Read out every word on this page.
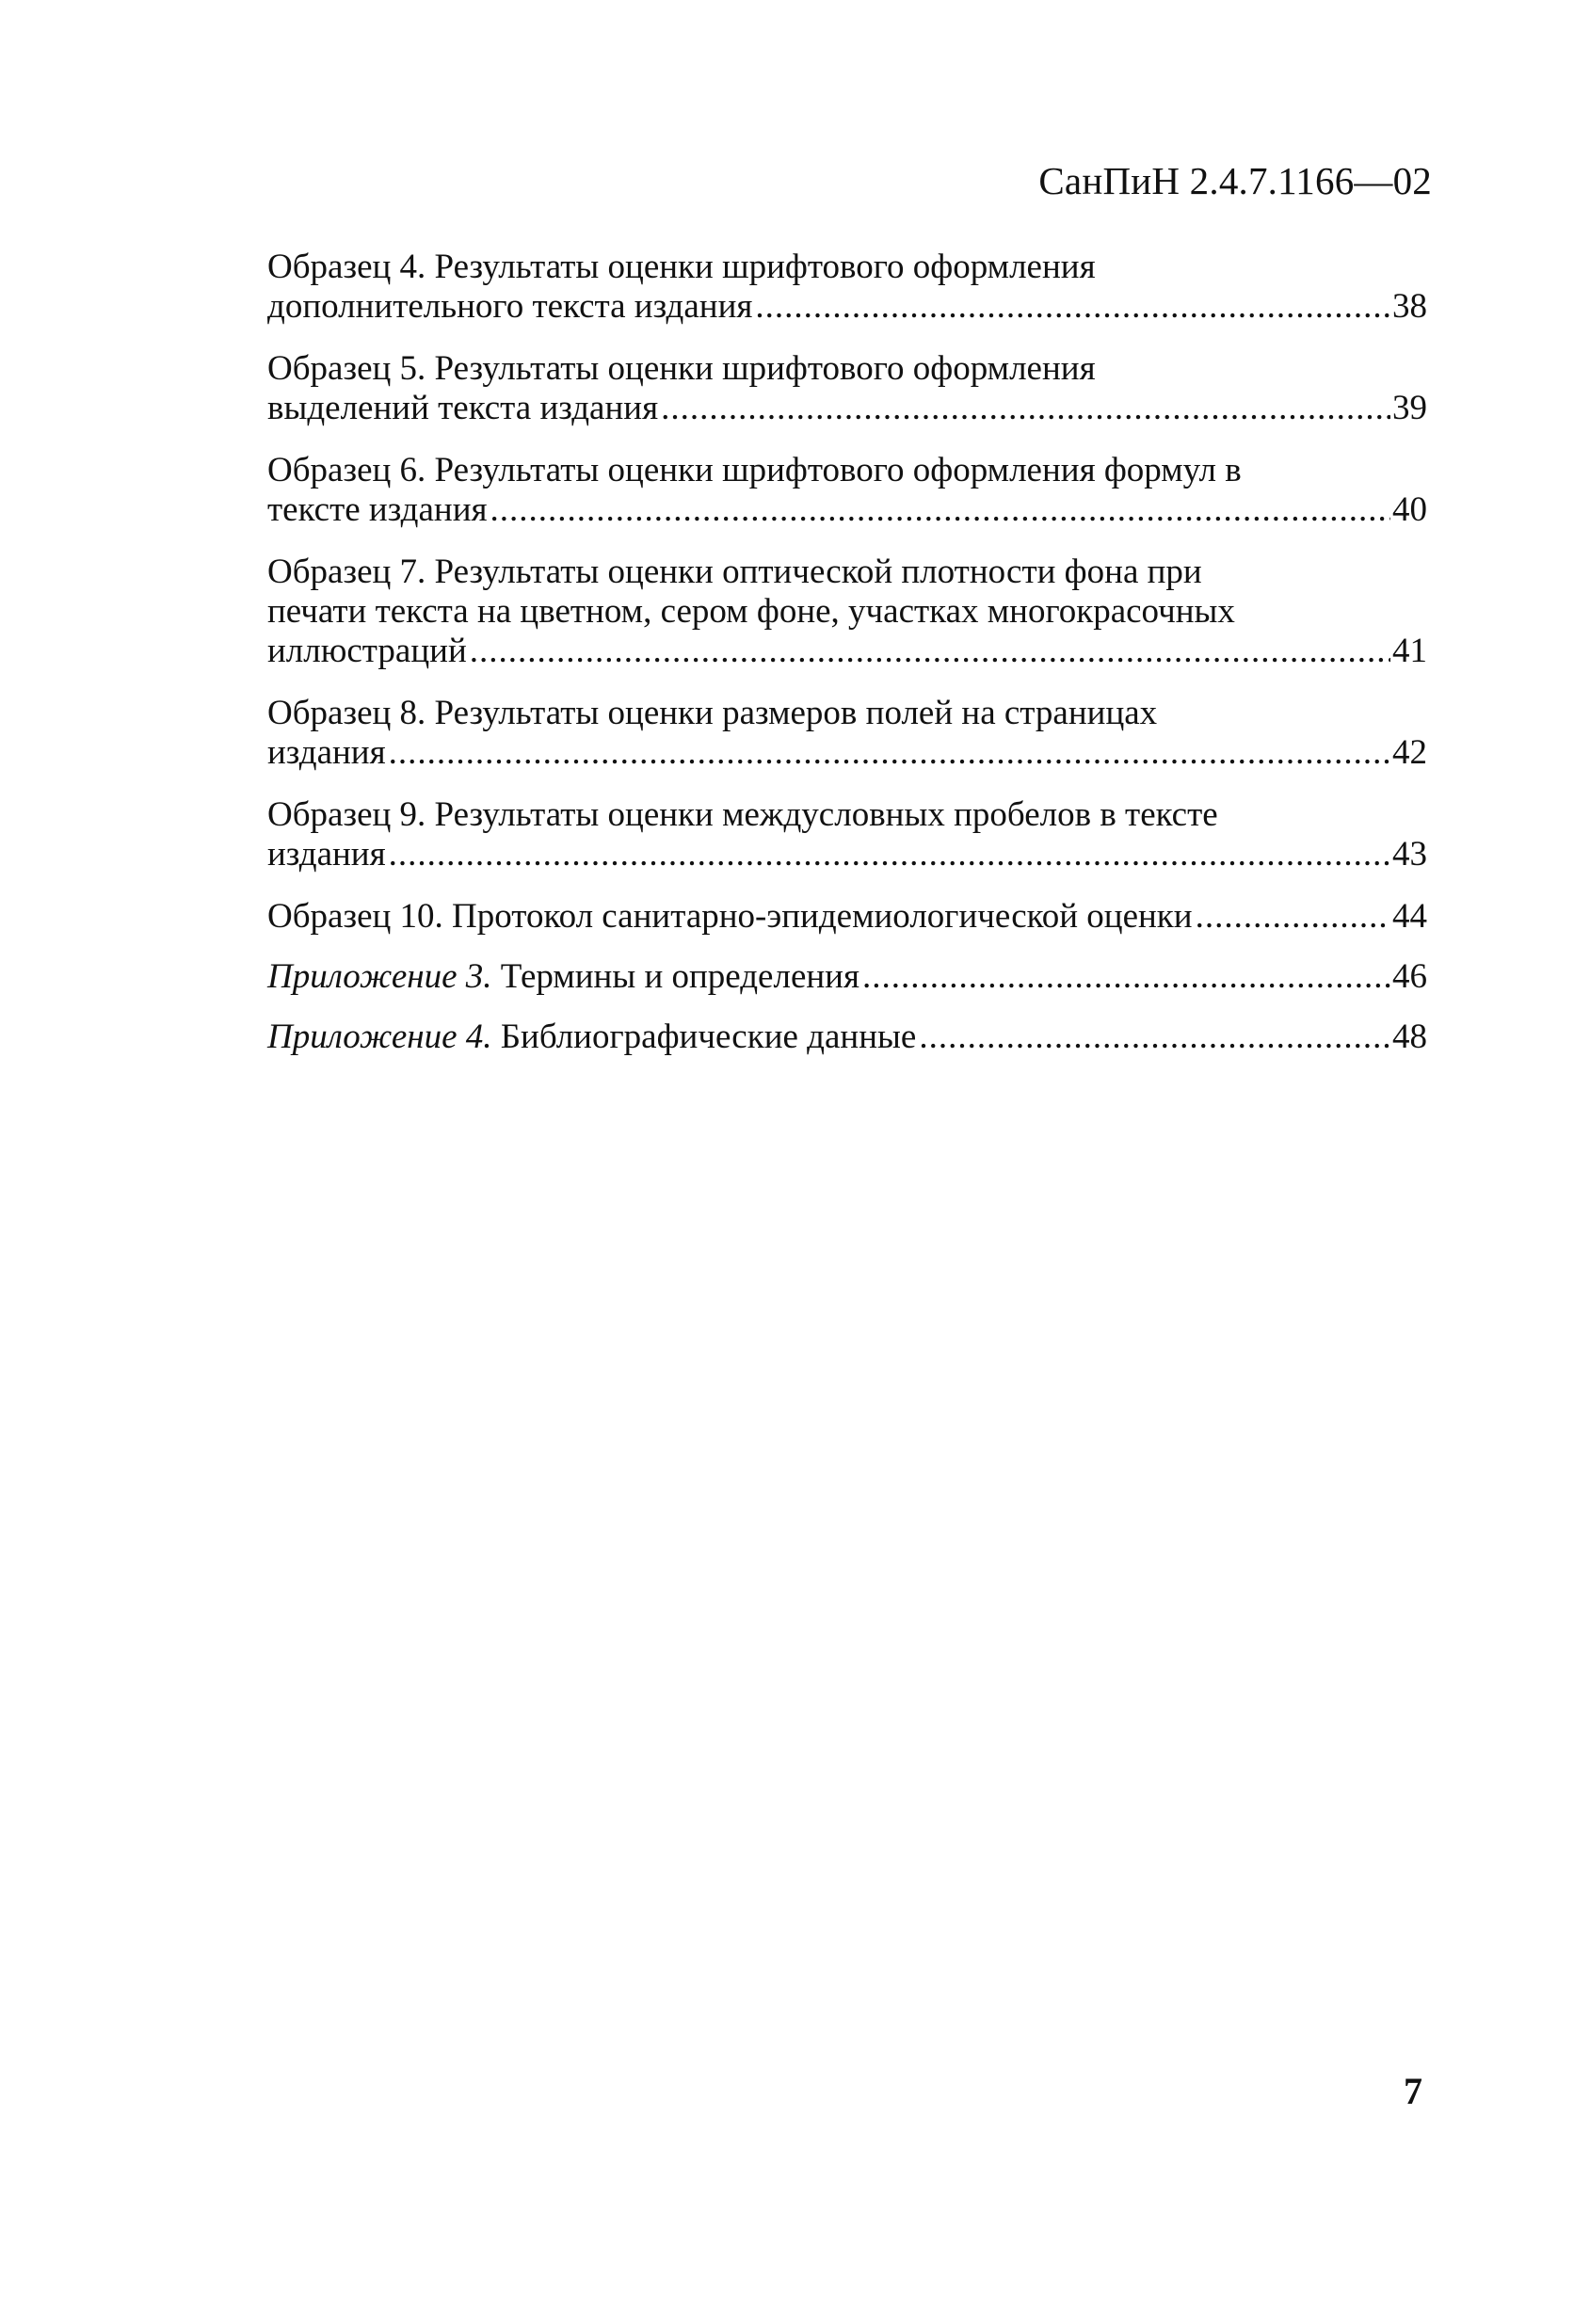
СанПиН 2.4.7.1166—02
Образец 4. Результаты оценки шрифтового оформления
дополнительного текста издания .....	38
Образец 5. Результаты оценки шрифтового оформления
выделений текста издания .....	39
Образец 6. Результаты оценки шрифтового оформления формул в
тексте издания .....	40
Образец 7. Результаты оценки оптической плотности фона при
печати текста на цветном, сером фоне, участках многокрасочных
иллюстраций .....	41
Образец 8. Результаты оценки размеров полей на страницах
издания .....	42
Образец 9. Результаты оценки междусловных пробелов в тексте
издания .....	43
Образец 10. Протокол санитарно-эпидемиологической оценки .....	44
Приложение 3. Термины и определения .....	46
Приложение 4. Библиографические данные .....	48
7
